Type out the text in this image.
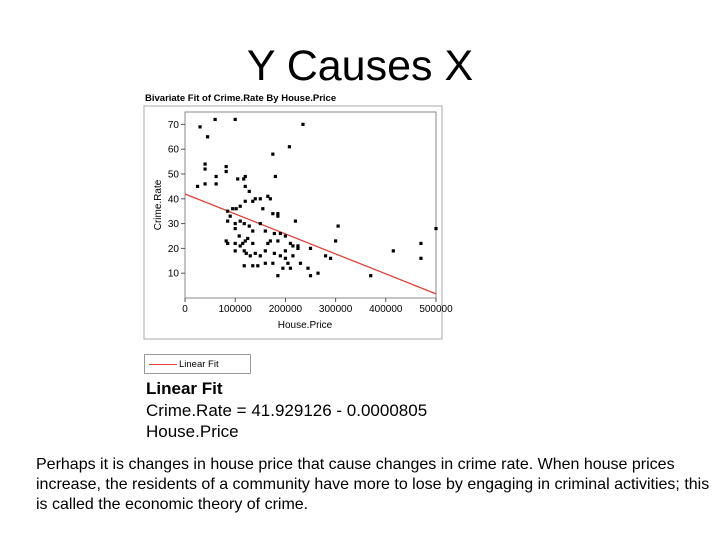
Y Causes X
Bivariate Fit of Crime.Rate By House.Price
10
20
30
40
50
60
70
0	100000 200000 300000 400000 500000
Crime.Rate
House.Price
Linear Fit
Linear Fit
Crime.Rate = 41.929126 - 0.0000805 House.Price
Perhaps it is changes in house price that cause changes in crime rate. When house prices increase, the residents of a community have more to lose by engaging in criminal activities; this is called the economic theory of crime.
